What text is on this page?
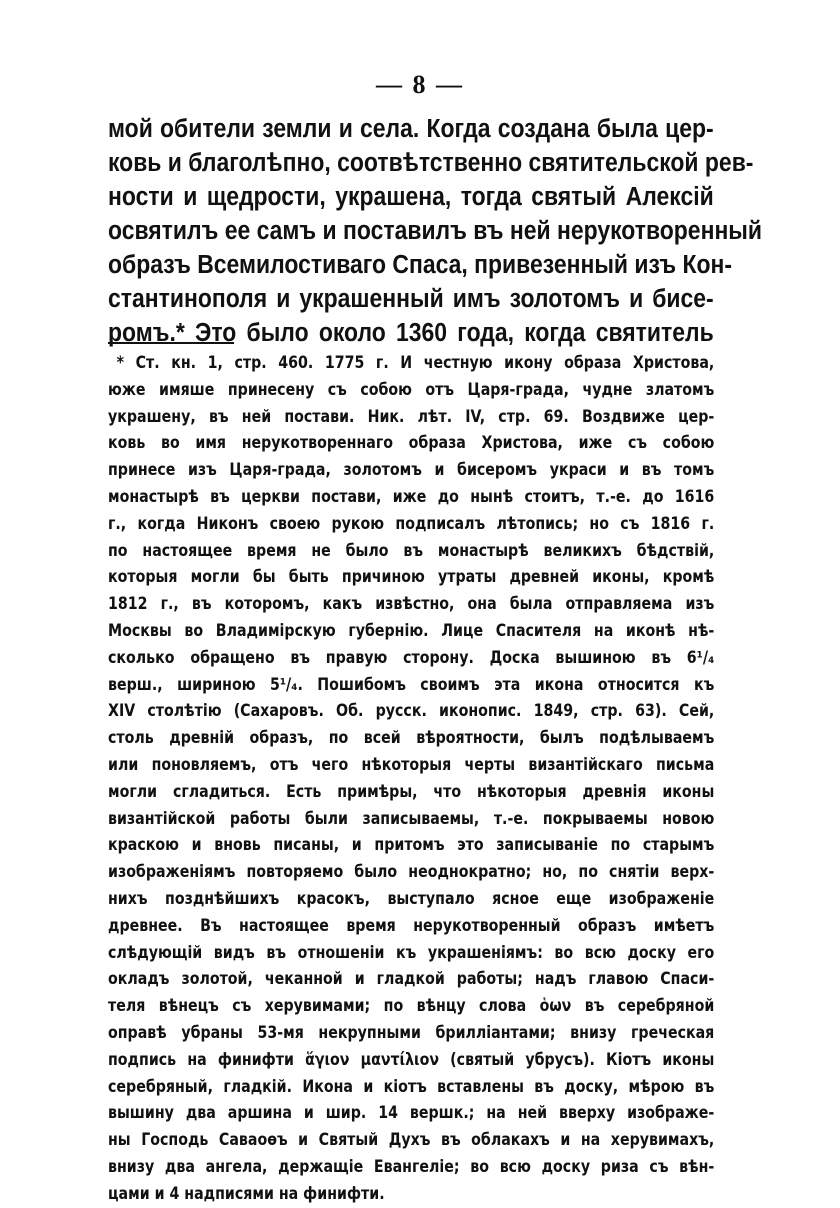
— 8 —
мой обители земли и села. Когда создана была цер-
ковь и благолѣпно, соотвѣтственно святительской рев-
ности и щедрости, украшена, тогда святый Алексій
освятилъ ее самъ и поставилъ въ ней нерукотворенный
образъ Всемилостиваго Спаса, привезенный изъ Кон-
стантинополя и украшенный имъ золотомъ и бисе-
ромъ.* Это было около 1360 года, когда святитель
* Ст. кн. 1, стр. 460. 1775 г. И честную икону образа Христова,
юже имяше принесену съ собою отъ Царя-града, чудне златомъ
украшену, въ ней постави. Ник. лѣт. IV, стр. 69. Воздвиже цер-
ковь во имя нерукотвореннаго образа Христова, иже съ собою
принесе изъ Царя-града, золотомъ и бисеромъ украси и въ томъ
монастырѣ въ церкви постави, иже до нынѣ стоитъ, т.-е. до 1616
г., когда Никонъ своею рукою подписалъ лѣтопись; но съ 1816 г.
по настоящее время не было въ монастырѣ великихъ бѣдствій,
которыя могли бы быть причиною утраты древней иконы, кромѣ
1812 г., въ которомъ, какъ извѣстно, она была отправляема изъ
Москвы во Владимірскую губернію. Лице Спасителя на иконѣ нѣ-
сколько обращено въ правую сторону. Доска вышиною въ 6¹/₄
верш., шириною 5¹/₄. Пошибомъ своимъ эта икона относится къ
XIV столѣтію (Сахаровъ. Об. русск. иконопис. 1849, стр. 63). Сей,
столь древній образъ, по всей вѣроятности, былъ подѣлываемъ
или поновляемъ, отъ чего нѣкоторыя черты византійскаго письма
могли сгладиться. Есть примѣры, что нѣкоторыя древнія иконы
византійской работы были записываемы, т.-е. покрываемы новою
краскою и вновь писаны, и притомъ это записываніе по старымъ
изображеніямъ повторяемо было неоднократно; но, по снятіи верх-
нихъ позднѣйшихъ красокъ, выступало ясное еще изображеніе
древнее. Въ настоящее время нерукотворенный образъ имѣетъ
слѣдующій видъ въ отношеніи къ украшеніямъ: во всю доску его
окладъ золотой, чеканной и гладкой работы; надъ главою Спаси-
теля вѣнецъ съ херувимами; по вѣнцу слова ὁων въ серебряной
оправѣ убраны 53-мя некрупными бриллiантами; внизу греческая
подпись на финифти ἅγιον μαντίλιον (святый убрусъ). Кіотъ иконы
серебряный, гладкій. Икона и кіотъ вставлены въ доску, мѣрою въ
вышину два аршина и шир. 14 вершк.; на ней вверху изображе-
ны Господь Саваоѳъ и Святый Духъ въ облакахъ и на херувимахъ,
внизу два ангела, держащіе Евангеліе; во всю доску риза съ вѣн-
цами и 4 надписями на финифти.
